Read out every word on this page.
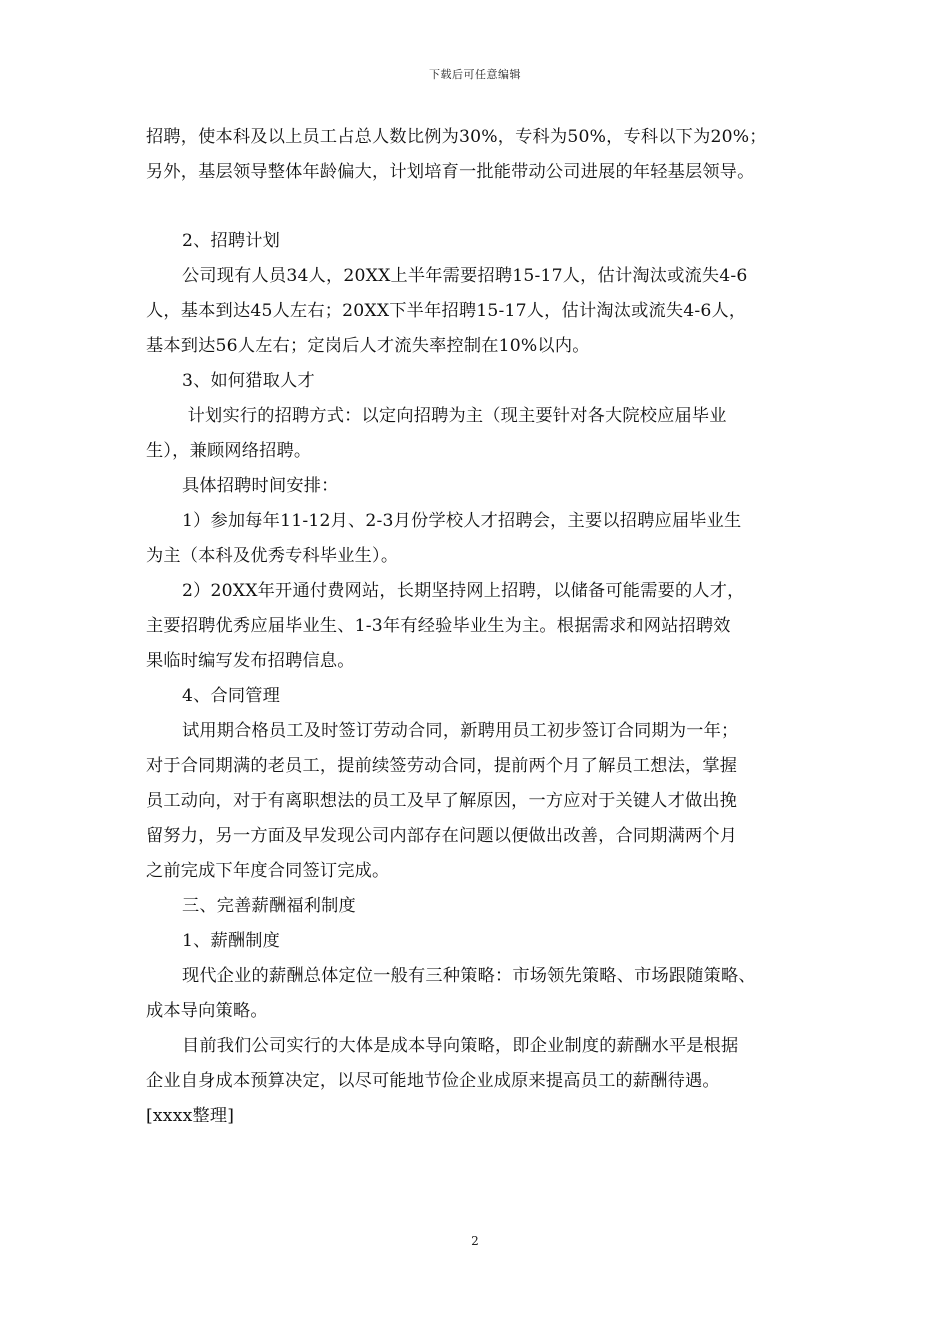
下载后可任意编辑
招聘，使本科及以上员工占总人数比例为30%，专科为50%，专科以下为20%；
另外，基层领导整体年龄偏大，计划培育一批能带动公司进展的年轻基层领导。
2、招聘计划
公司现有人员34人，20XX上半年需要招聘15-17人，估计淘汰或流失4-6
人，基本到达45人左右；20XX下半年招聘15-17人，估计淘汰或流失4-6人，
基本到达56人左右；定岗后人才流失率控制在10%以内。
3、如何猎取人才
计划实行的招聘方式：以定向招聘为主（现主要针对各大院校应届毕业
生），兼顾网络招聘。
具体招聘时间安排：
1）参加每年11-12月、2-3月份学校人才招聘会，主要以招聘应届毕业生
为主（本科及优秀专科毕业生）。
2）20XX年开通付费网站，长期坚持网上招聘，以储备可能需要的人才，
主要招聘优秀应届毕业生、1-3年有经验毕业生为主。根据需求和网站招聘效
果临时编写发布招聘信息。
4、合同管理
试用期合格员工及时签订劳动合同，新聘用员工初步签订合同期为一年；
对于合同期满的老员工，提前续签劳动合同，提前两个月了解员工想法，掌握
员工动向，对于有离职想法的员工及早了解原因，一方应对于关键人才做出挽
留努力，另一方面及早发现公司内部存在问题以便做出改善，合同期满两个月
之前完成下年度合同签订完成。
三、完善薪酬福利制度
1、薪酬制度
现代企业的薪酬总体定位一般有三种策略：市场领先策略、市场跟随策略、
成本导向策略。
目前我们公司实行的大体是成本导向策略，即企业制度的薪酬水平是根据
企业自身成本预算决定，以尽可能地节俭企业成原来提高员工的薪酬待遇。
[xxxx整理]
2
